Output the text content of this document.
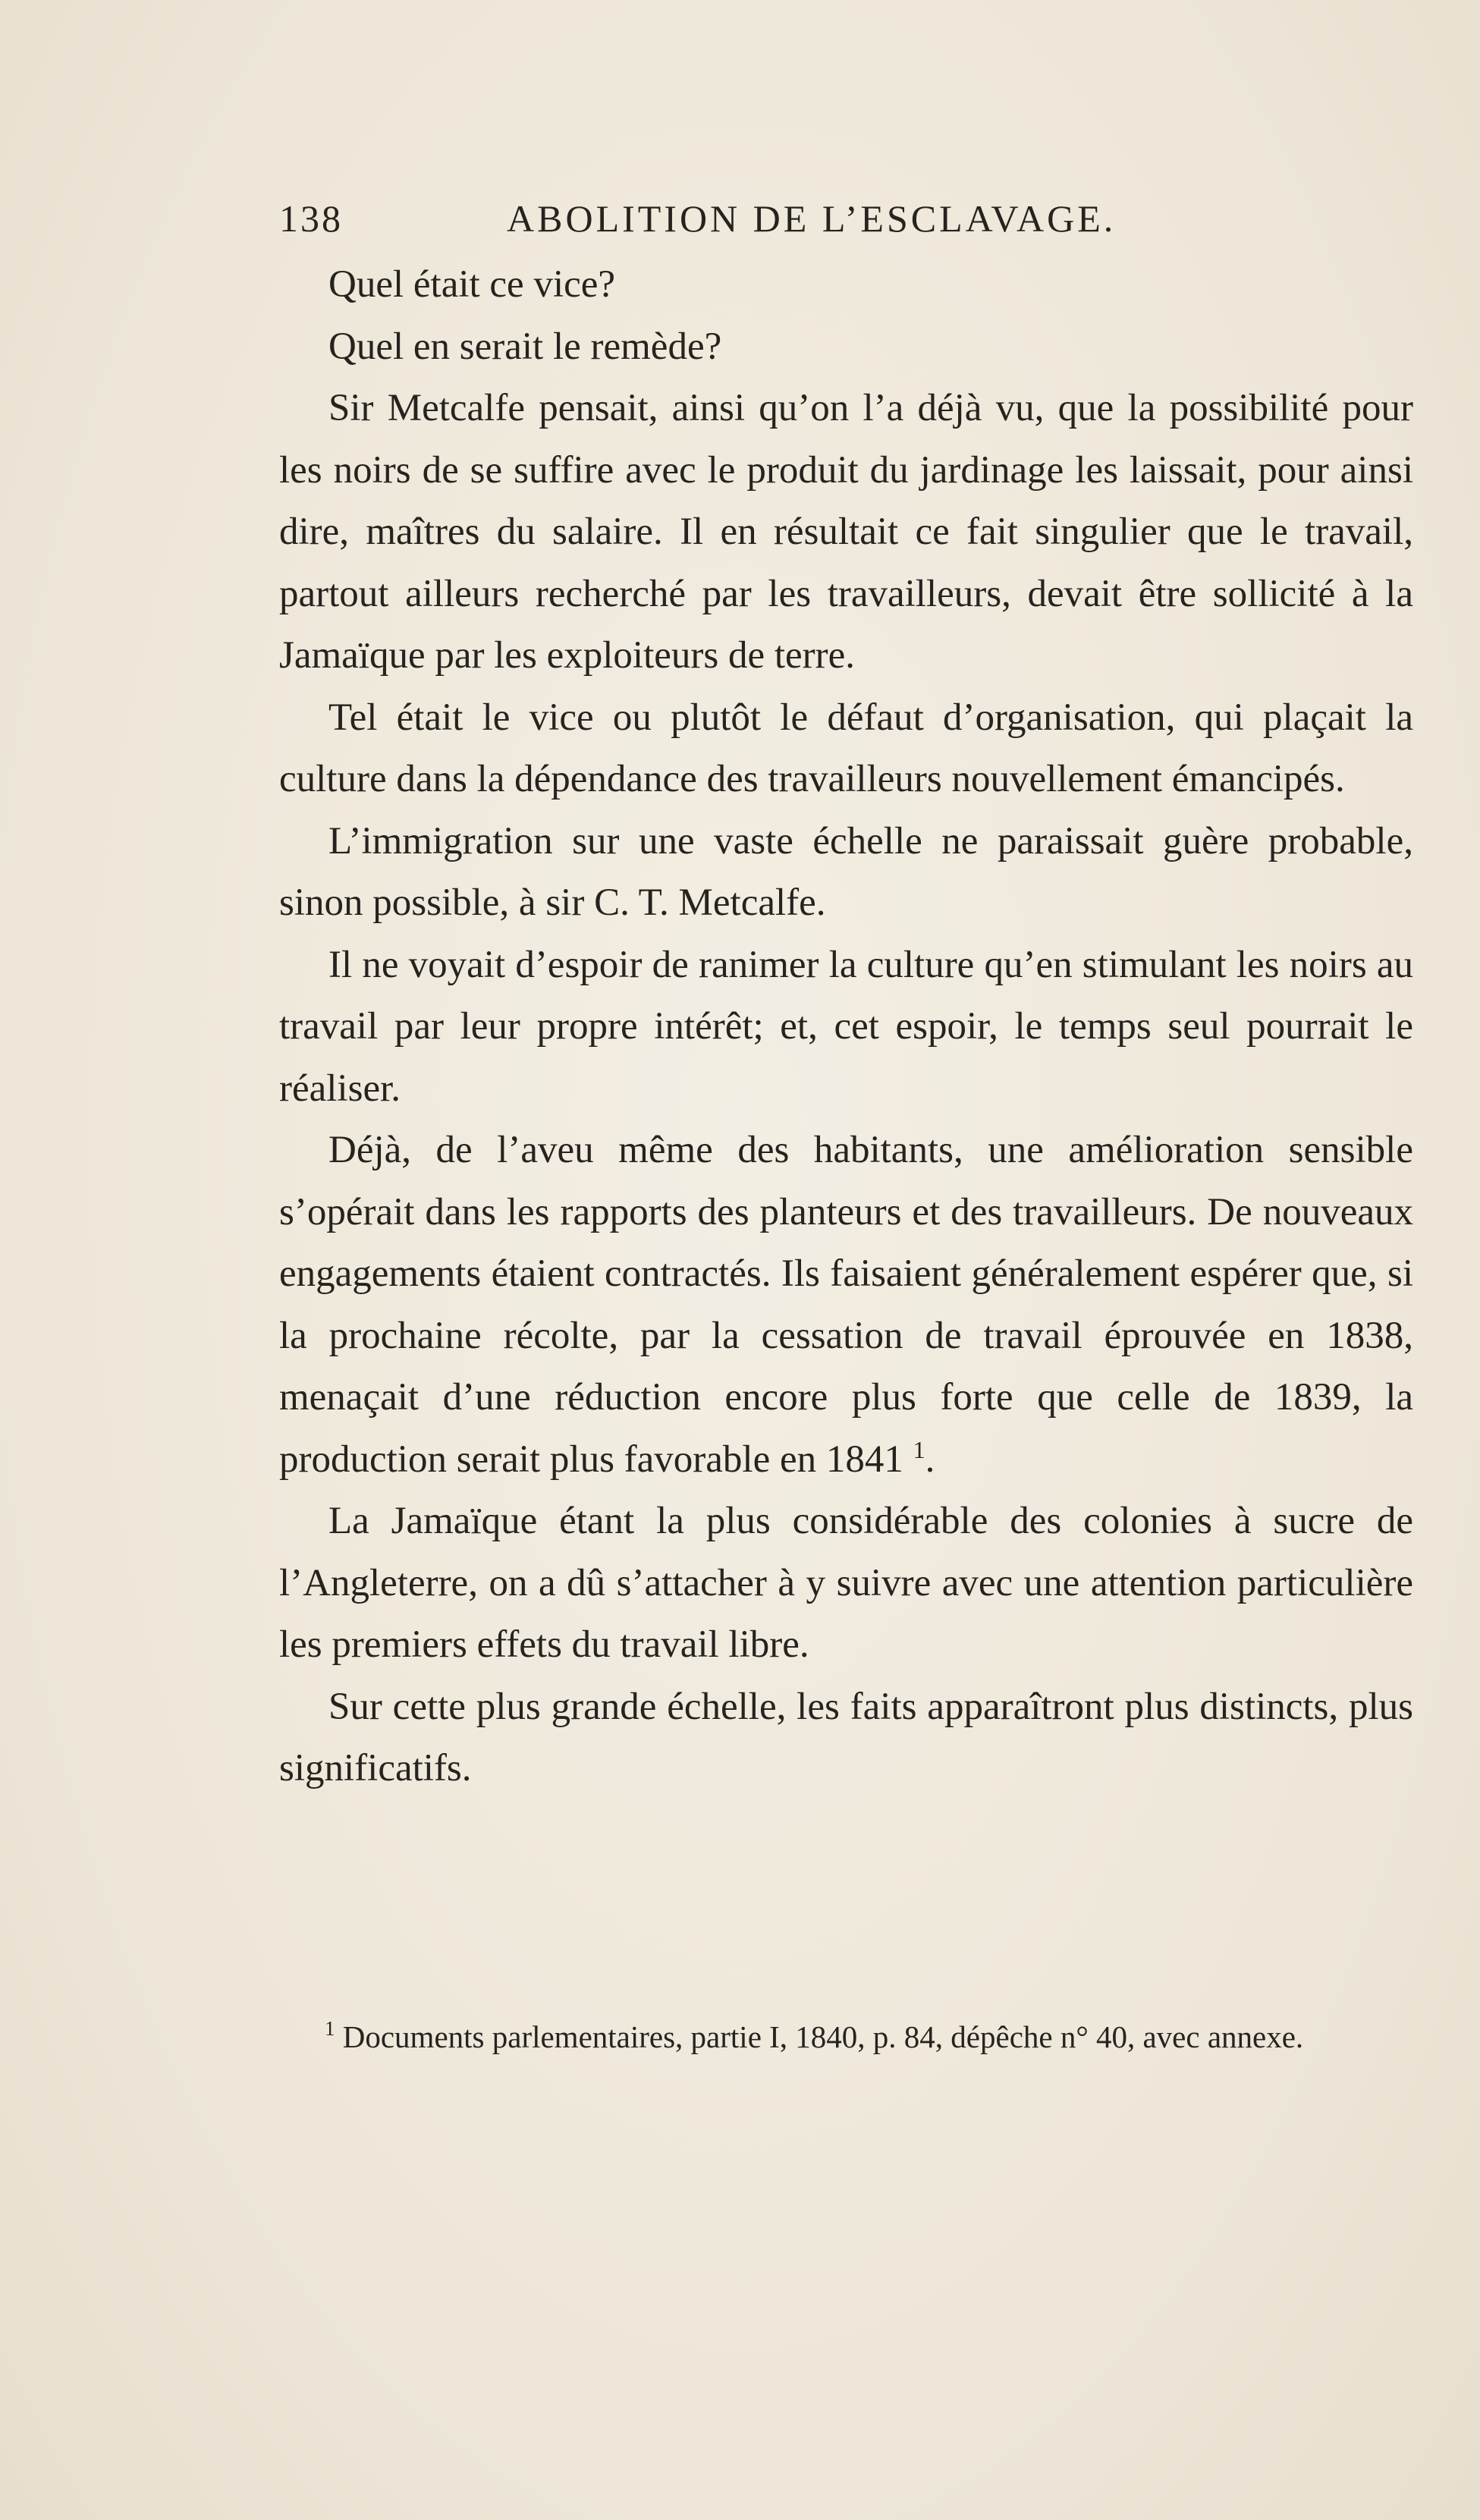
138	ABOLITION DE L’ESCLAVAGE.

Quel était ce vice?

Quel en serait le remède?

Sir Metcalfe pensait, ainsi qu’on l’a déjà vu, que la possibilité pour les noirs de se suffire avec le produit du jardinage les laissait, pour ainsi dire, maîtres du salaire. Il en résultait ce fait singulier que le travail, partout ailleurs recherché par les travailleurs, devait être sollicité à la Jamaïque par les exploiteurs de terre.

Tel était le vice ou plutôt le défaut d’organisation, qui plaçait la culture dans la dépendance des travailleurs nouvellement émancipés.

L’immigration sur une vaste échelle ne paraissait guère probable, sinon possible, à sir C. T. Metcalfe.

Il ne voyait d’espoir de ranimer la culture qu’en stimulant les noirs au travail par leur propre intérêt; et, cet espoir, le temps seul pourrait le réaliser.

Déjà, de l’aveu même des habitants, une amélioration sensible s’opérait dans les rapports des planteurs et des travailleurs. De nouveaux engagements étaient contractés. Ils faisaient généralement espérer que, si la prochaine récolte, par la cessation de travail éprouvée en 1838, menaçait d’une réduction encore plus forte que celle de 1839, la production serait plus favorable en 1841 $^1$.

La Jamaïque étant la plus considérable des colonies à sucre de l’Angleterre, on a dû s’attacher à y suivre avec une attention particulière les premiers effets du travail libre.

Sur cette plus grande échelle, les faits apparaîtront plus distincts, plus significatifs.

$^1$ Documents parlementaires, partie I, 1840, p. 84, dépêche n° 40, avec annexe.
